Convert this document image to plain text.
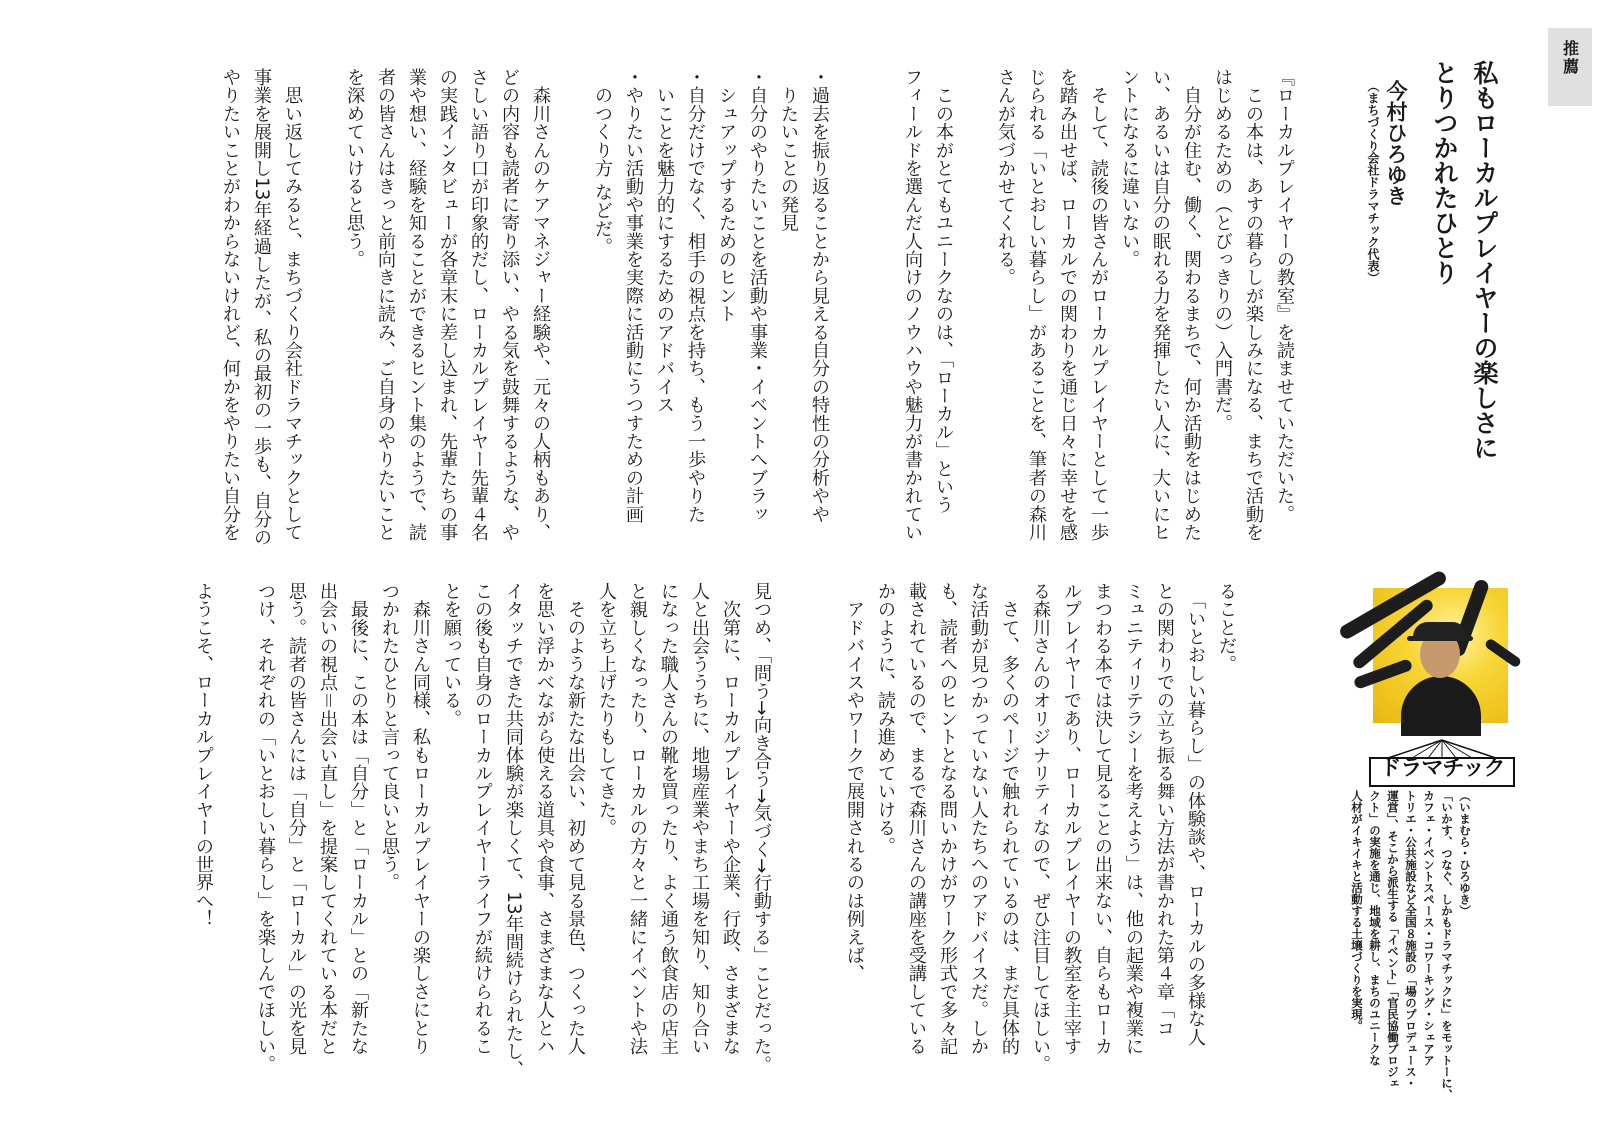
推薦
私もローカルプレイヤーの楽しさに
とりつかれたひとり
今村ひろゆき
（まちづくり会社ドラマチック代表）
『ローカルプレイヤーの教室』を読ませていただいた。
　この本は、あすの暮らしが楽しみになる、まちで活動を
はじめるための（とびっきりの）入門書だ。
　自分が住む、働く、関わるまちで、何か活動をはじめた
い、あるいは自分の眠れる力を発揮したい人に、大いにヒ
ントになるに違いない。
　そして、読後の皆さんがローカルプレイヤーとして一歩
を踏み出せば、ローカルでの関わりを通じ日々に幸せを感
じられる「いとおしい暮らし」があることを、筆者の森川
さんが気づかせてくれる。

　この本がとてもユニークなのは、「ローカル」という
フィールドを選んだ人向けのノウハウや魅力が書かれてい

・過去を振り返ることから見える自分の特性の分析やや
　りたいことの発見
・自分のやりたいことを活動や事業・イベントへブラッ
　シュアップするためのヒント
・自分だけでなく、相手の視点を持ち、もう一歩やりた
　いことを魅力的にするためのアドバイス
・やりたい活動や事業を実際に活動にうつすための計画
　のつくり方 などだ。

　森川さんのケアマネジャー経験や、元々の人柄もあり、
どの内容も読者に寄り添い、やる気を鼓舞するような、や
さしい語り口が印象的だし、ローカルプレイヤー先輩４名
の実践インタビューが各章末に差し込まれ、先輩たちの事
業や想い、経験を知ることができるヒント集のようで、読
者の皆さんはきっと前向きに読み、ご自身のやりたいこと
を深めていけると思う。

　思い返してみると、まちづくり会社ドラマチックとして
事業を展開し13年経過したが、私の最初の一歩も、自分の
やりたいことがわからないけれど、何かをやりたい自分を
ることだ。
　「いとおしい暮らし」の体験談や、ローカルの多様な人
との関わりでの立ち振る舞い方法が書かれた第４章「コ
ミュニティリテラシーを考えよう」は、他の起業や複業に
まつわる本では決して見ることの出来ない、自らもローカ
ルプレイヤーであり、ローカルプレイヤーの教室を主宰す
る森川さんのオリジナリティなので、ぜひ注目してほしい。
　さて、多くのページで触れられているのは、まだ具体的
な活動が見つかっていない人たちへのアドバイスだ。しか
も、読者へのヒントとなる問いかけがワーク形式で多々記
載されているので、まるで森川さんの講座を受講している
かのように、読み進めていける。
　アドバイスやワークで展開されるのは例えば、

見つめ、「問う→向き合う→気づく→行動する」ことだった。
　次第に、ローカルプレイヤーや企業、行政、さまざまな
人と出会ううちに、地場産業やまち工場を知り、知り合い
になった職人さんの靴を買ったり、よく通う飲食店の店主
と親しくなったり、ローカルの方々と一緒にイベントや法
人を立ち上げたりもしてきた。
　そのような新たな出会い、初めて見る景色、つくった人
を思い浮かべながら使える道具や食事、さまざまな人とハ
イタッチできた共同体験が楽しくて、13年間続けられたし、
この後も自身のローカルプレイヤーライフが続けられるこ
とを願っている。
　森川さん同様、私もローカルプレイヤーの楽しさにとり
つかれたひとりと言って良いと思う。
　最後に、この本は「自分」と「ローカル」との「新たな
出会いの視点＝出会い直し」を提案してくれている本だと
思う。読者の皆さんには「自分」と「ローカル」の光を見
つけ、それぞれの「いとおしい暮らし」を楽しんでほしい。

ようこそ、ローカルプレイヤーの世界へ！	ドラマチック
（いまむら・ひろゆき）
「いかす、つなぐ、しかもドラマチックに」をモットーに、
カフェ・イベントスペース・コワーキング・シェアア
トリエ・公共施設など全国８施設の「場のプロデュース・
運営」、そこから派生する「イベント」「官民協働プロジェ
クト」の実施を通じ、地域を耕し、まちのユニークな
人材がイキイキと活動する土壌づくりを実現。
